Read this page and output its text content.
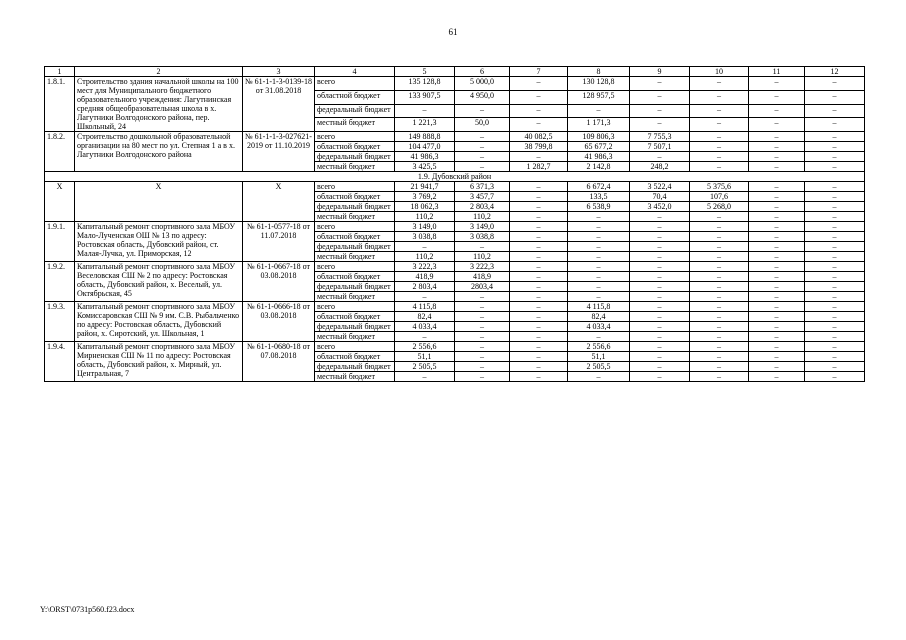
61
1	2	3	4	5	6	7	8	9	10	11	12
1.8.1.	Строительство здания начальной школы на 100 мест для Муниципального бюджетного образовательного учреждения: Лагутнинская средняя общеобразовательная школа в х. Лагутники Волгодонского района, пер. Школьный, 24	№ 61-1-1-3-0139-18 от 31.08.2018	всего	135 128,8	5 000,0	–	130 128,8	–	–	–	–
			областной бюджет	133 907,5	4 950,0	–	128 957,5	–	–	–	–
			федеральный бюджет	–	–	–	–	–	–	–	–
			местный бюджет	1 221,3	50,0	–	1 171,3	–	–	–	–
1.8.2.	Строительство дошкольной образовательной организации на 80 мест по ул. Степная 1 а в х. Лагутники Волгодонского района	№ 61-1-1-3-027621-2019 от 11.10.2019	всего	149 888,8	–	40 082,5	109 806,3	7 755,3	–	–	–
			областной бюджет	104 477,0	–	38 799,8	65 677,2	7 507,1	–	–	–
			федеральный бюджет	41 986,3	–	–	41 986,3	–	–	–	–
			местный бюджет	3 425,5	–	1 282,7	2 142,8	248,2	–	–	–
1.9. Дубовский район											
Х	Х	Х	всего	21 941,7	6 371,3	–	6 672,4	3 522,4	5 375,6	–	–
			областной бюджет	3 769,2	3 457,7	–	133,5	70,4	107,6	–	–
			федеральный бюджет	18 062,3	2 803,4	–	6 538,9	3 452,0	5 268,0	–	–
			местный бюджет	110,2	110,2	–	–	–	–	–	–
1.9.1.	Капитальный ремонт спортивного зала МБОУ Мало-Лученская ОШ № 13 по адресу: Ростовская область, Дубовский район, ст. Малая-Лучка, ул. Приморская, 12	№ 61-1-0577-18 от 11.07.2018	всего	3 149,0	3 149,0	–	–	–	–	–	–
			областной бюджет	3 038,8	3 038,8	–	–	–	–	–	–
			федеральный бюджет	–	–	–	–	–	–	–	–
			местный бюджет	110,2	110,2	–	–	–	–	–	–
1.9.2.	Капитальный ремонт спортивного зала МБОУ Веселовская СШ № 2 по адресу: Ростовская область, Дубовский район, х. Веселый, ул. Октябрьская, 45	№ 61-1-0667-18 от 03.08.2018	всего	3 222,3	3 222,3	–	–	–	–	–	–
			областной бюджет	418,9	418,9	–	–	–	–	–	–
			федеральный бюджет	2 803,4	2803,4	–	–	–	–	–	–
			местный бюджет	–	–	–	–	–	–	–	–
1.9.3.	Капитальный ремонт спортивного зала МБОУ Комиссаровская СШ № 9 им. С.В. Рыбальченко по адресу: Ростовская область, Дубовский район, х. Сиротский, ул. Школьная, 1	№ 61-1-0666-18 от 03.08.2018	всего	4 115,8	–	–	4 115,8	–	–	–	–
			областной бюджет	82,4	–	–	82,4	–	–	–	–
			федеральный бюджет	4 033,4	–	–	4 033,4	–	–	–	–
			местный бюджет	–	–	–	–	–	–	–	–
1.9.4.	Капитальный ремонт спортивного зала МБОУ Мирненская СШ № 11 по адресу: Ростовская область, Дубовский район, х. Мирный, ул. Центральная, 7	№ 61-1-0680-18 от 07.08.2018	всего	2 556,6	–	–	2 556,6	–	–	–	–
			областной бюджет	51,1	–	–	51,1	–	–	–	–
			федеральный бюджет	2 505,5	–	–	2 505,5	–	–	–	–
			местный бюджет	–	–	–	–	–	–	–	–
Y:\ORST\0731p560.f23.docx
